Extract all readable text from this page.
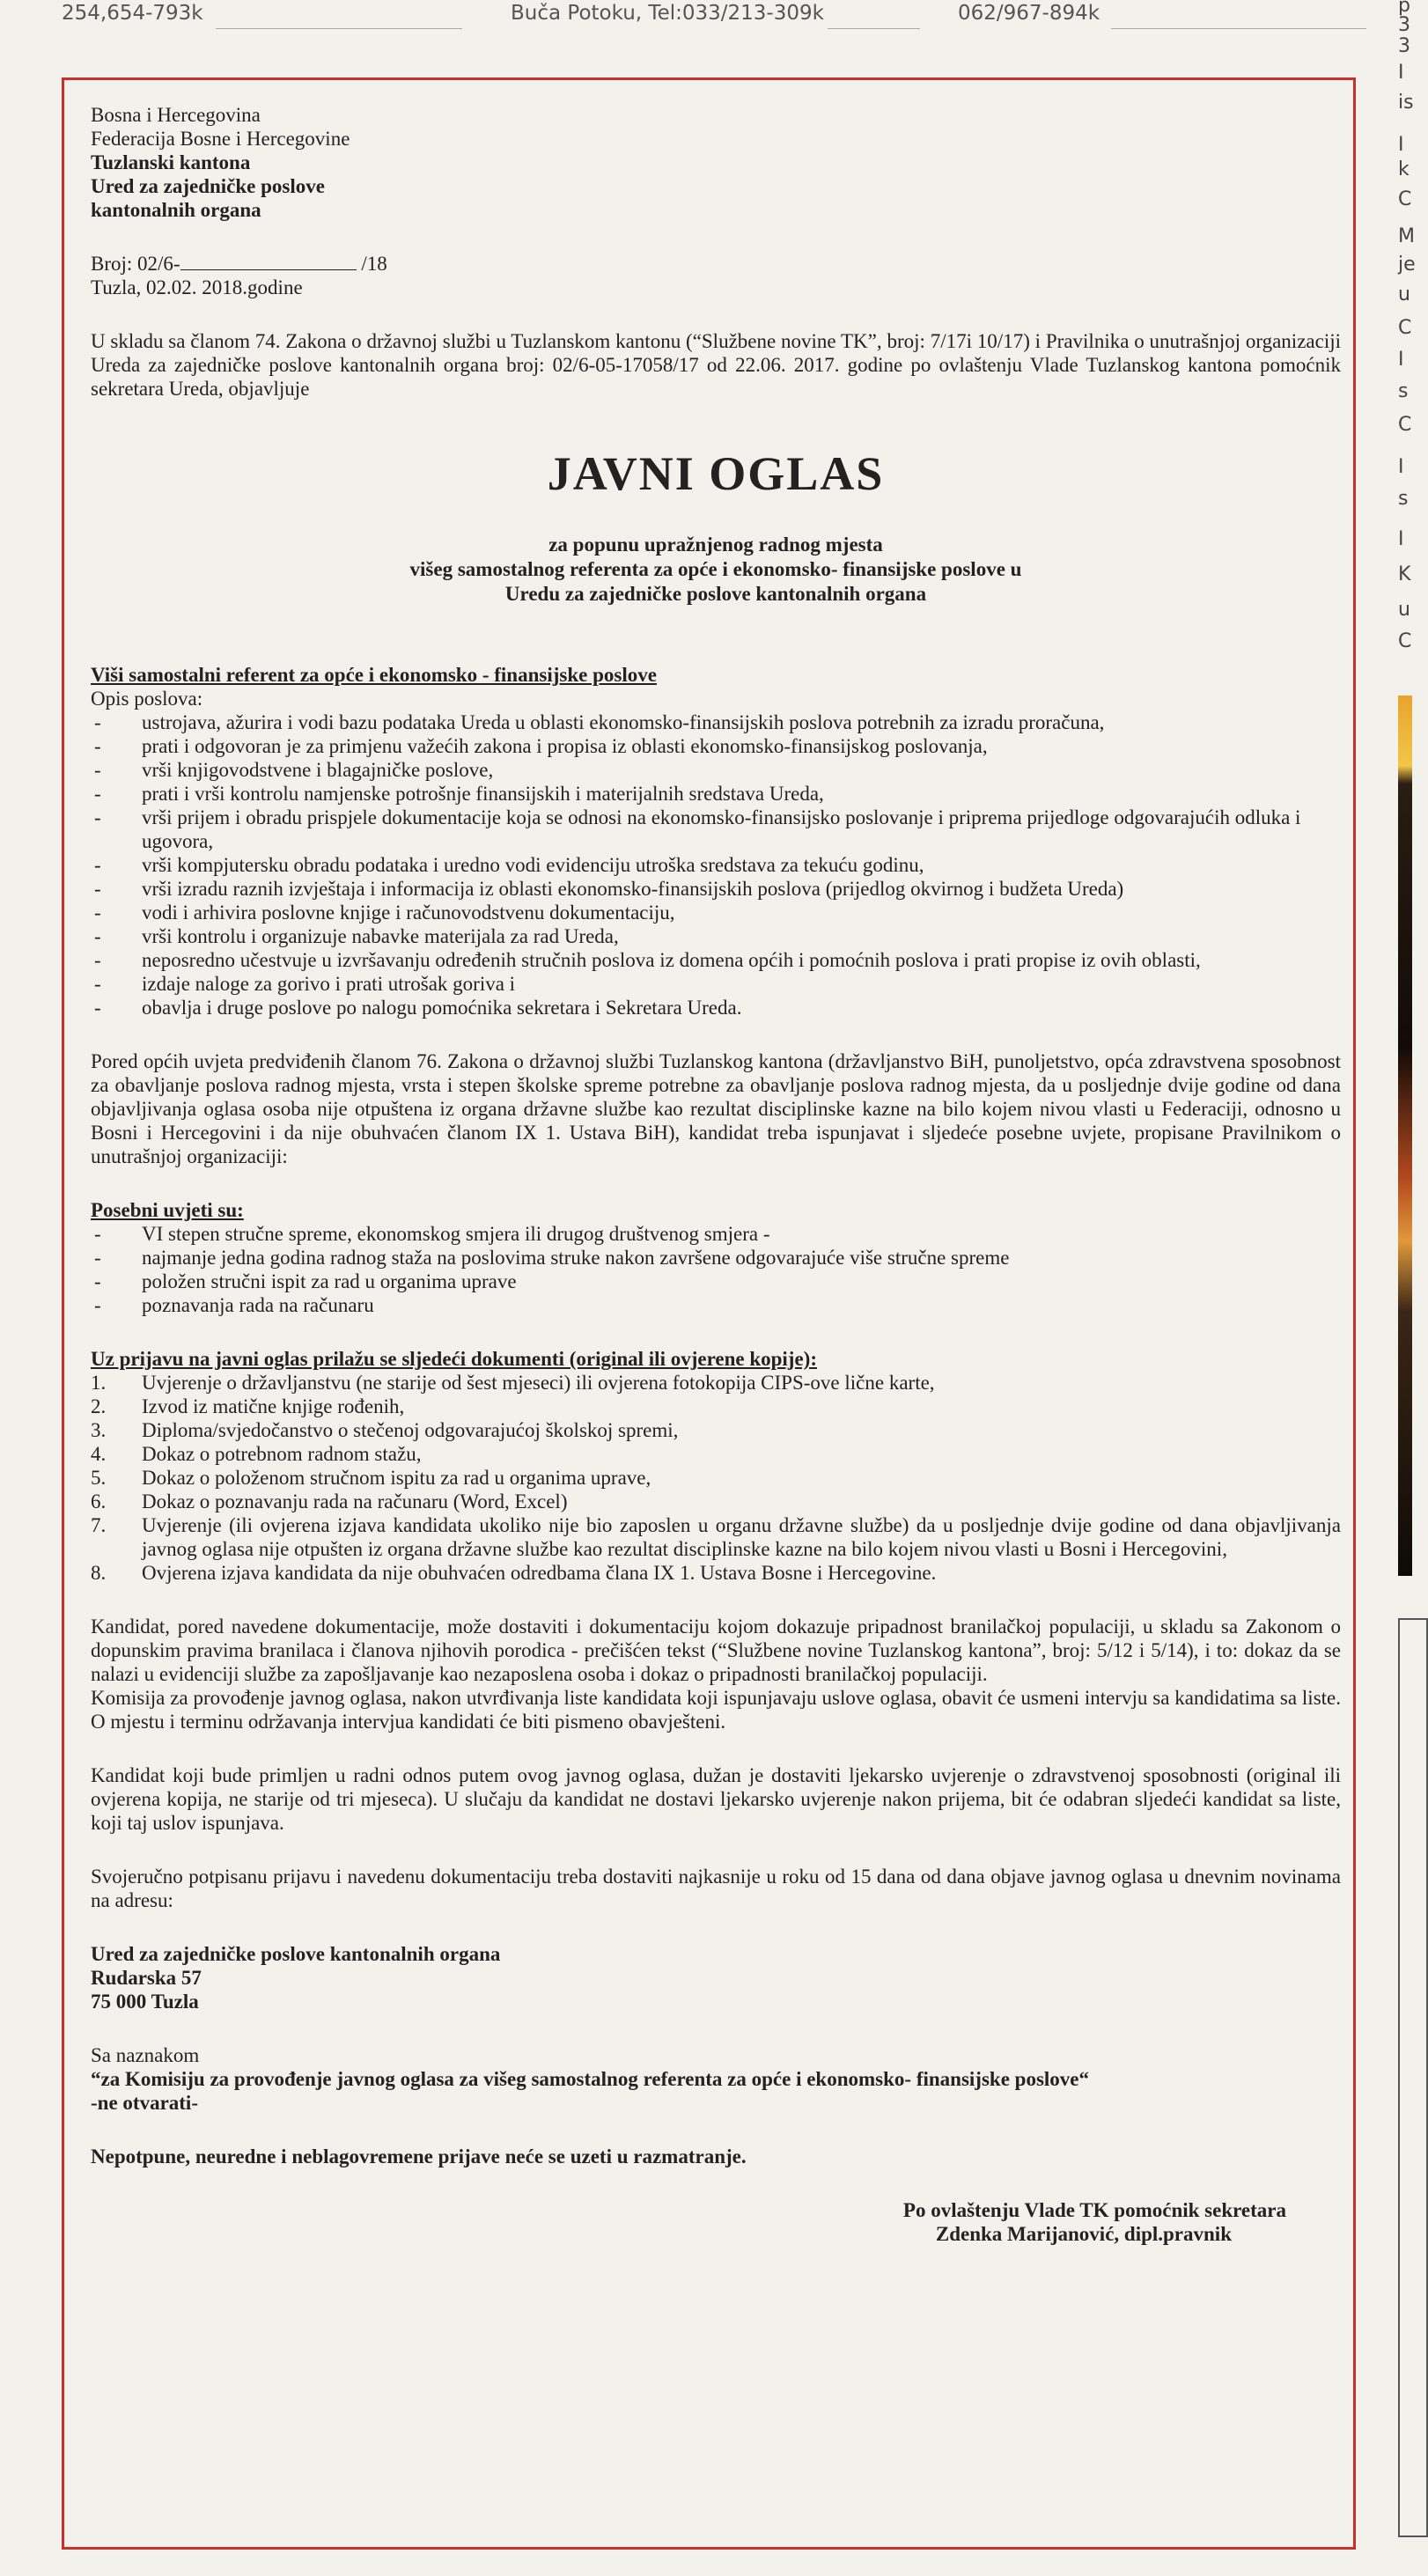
254,654-793k	Buča Potoku, Tel:033/213-309k	062/967-894k	p
3
3
I
is
I
k
C
M
je
u
C
I
s
C
I
s
I
K
u
C

Bosna i Hercegovina

Federacija Bosne i Hercegovine

Tuzlanski kantona

Ured za zajedničke poslove

kantonalnih organa

Broj: 02/6-	/18

Tuzla, 02.02. 2018.godine

U skladu sa članom 74. Zakona o državnoj službi u Tuzlanskom kantonu (“Službene novine TK”, broj: 7/17i 10/17) i Pravilnika o unutrašnjoj organizaciji Ureda za zajedničke poslove kantonalnih organa broj: 02/6-05-17058/17 od 22.06. 2017. godine po ovlaštenju Vlade Tuzlanskog kantona pomoćnik sekretara Ureda, objavljuje

JAVNI OGLAS

za popunu upražnjenog radnog mjesta

višeg samostalnog referenta za opće i ekonomsko- finansijske poslove u

Uredu za zajedničke poslove kantonalnih organa

Viši samostalni referent za opće i ekonomsko - finansijske poslove

Opis poslova:

- ustrojava, ažurira i vodi bazu podataka Ureda u oblasti ekonomsko-finansijskih poslova potrebnih za izradu proračuna,
- prati i odgovoran je za primjenu važećih zakona i propisa iz oblasti ekonomsko-finansijskog poslovanja,
- vrši knjigovodstvene i blagajničke poslove,
- prati i vrši kontrolu namjenske potrošnje finansijskih i materijalnih sredstava Ureda,
- vrši prijem i obradu prispjele dokumentacije koja se odnosi na ekonomsko-finansijsko poslovanje i priprema prijedloge odgovarajućih odluka i ugovora,
- vrši kompjutersku obradu podataka i uredno vodi evidenciju utroška sredstava za tekuću godinu,
- vrši izradu raznih izvještaja i informacija iz oblasti ekonomsko-finansijskih poslova (prijedlog okvirnog i budžeta Ureda)
- vodi i arhivira poslovne knjige i računovodstvenu dokumentaciju,
- vrši kontrolu i organizuje nabavke materijala za rad Ureda,
- neposredno učestvuje u izvršavanju određenih stručnih poslova iz domena općih i pomoćnih poslova i prati propise iz ovih oblasti,
- izdaje naloge za gorivo i prati utrošak goriva i
- obavlja i druge poslove po nalogu pomoćnika sekretara i Sekretara Ureda.

Pored općih uvjeta predviđenih članom 76. Zakona o državnoj službi Tuzlanskog kantona (državljanstvo BiH, punoljetstvo, opća zdravstvena sposobnost za obavljanje poslova radnog mjesta, vrsta i stepen školske spreme potrebne za obavljanje poslova radnog mjesta, da u posljednje dvije godine od dana objavljivanja oglasa osoba nije otpuštena iz organa državne službe kao rezultat disciplinske kazne na bilo kojem nivou vlasti u Federaciji, odnosno u Bosni i Hercegovini i da nije obuhvaćen članom IX 1. Ustava BiH), kandidat treba ispunjavat i sljedeće posebne uvjete, propisane Pravilnikom o unutrašnjoj organizaciji:

Posebni uvjeti su:

- VI stepen stručne spreme, ekonomskog smjera ili drugog društvenog smjera -
- najmanje jedna godina radnog staža na poslovima struke nakon završene odgovarajuće više stručne spreme
- položen stručni ispit za rad u organima uprave
- poznavanja rada na računaru

Uz prijavu na javni oglas prilažu se sljedeći dokumenti (original ili ovjerene kopije):

1. Uvjerenje o državljanstvu (ne starije od šest mjeseci) ili ovjerena fotokopija CIPS-ove lične karte,
2. Izvod iz matične knjige rođenih,
3. Diploma/svjedočanstvo o stečenoj odgovarajućoj školskoj spremi,
4. Dokaz o potrebnom radnom stažu,
5. Dokaz o položenom stručnom ispitu za rad u organima uprave,
6. Dokaz o poznavanju rada na računaru (Word, Excel)
7. Uvjerenje (ili ovjerena izjava kandidata ukoliko nije bio zaposlen u organu državne službe) da u posljednje dvije godine od dana objavljivanja javnog oglasa nije otpušten iz organa državne službe kao rezultat disciplinske kazne na bilo kojem nivou vlasti u Bosni i Hercegovini,
8. Ovjerena izjava kandidata da nije obuhvaćen odredbama člana IX 1. Ustava Bosne i Hercegovine.

Kandidat, pored navedene dokumentacije, može dostaviti i dokumentaciju kojom dokazuje pripadnost branilačkoj populaciji, u skladu sa Zakonom o dopunskim pravima branilaca i članova njihovih porodica - prečišćen tekst (“Službene novine Tuzlanskog kantona”, broj: 5/12 i 5/14), i to: dokaz da se nalazi u evidenciji službe za zapošljavanje kao nezaposlena osoba i dokaz o pripadnosti branilačkoj populaciji.

Komisija za provođenje javnog oglasa, nakon utvrđivanja liste kandidata koji ispunjavaju uslove oglasa, obavit će usmeni intervju sa kandidatima sa liste. O mjestu i terminu održavanja intervjua kandidati će biti pismeno obavješteni.

Kandidat koji bude primljen u radni odnos putem ovog javnog oglasa, dužan je dostaviti ljekarsko uvjerenje o zdravstvenoj sposobnosti (original ili ovjerena kopija, ne starije od tri mjeseca). U slučaju da kandidat ne dostavi ljekarsko uvjerenje nakon prijema, bit će odabran sljedeći kandidat sa liste, koji taj uslov ispunjava.

Svojeručno potpisanu prijavu i navedenu dokumentaciju treba dostaviti najkasnije u roku od 15 dana od dana objave javnog oglasa u dnevnim novinama na adresu:

Ured za zajedničke poslove kantonalnih organa

Rudarska 57

75 000 Tuzla

Sa naznakom

“za Komisiju za provođenje javnog oglasa za višeg samostalnog referenta za opće i ekonomsko- finansijske poslove“

-ne otvarati-

Nepotpune, neuredne i neblagovremene prijave neće se uzeti u razmatranje.

Po ovlaštenju Vlade TK pomoćnik sekretara
Zdenka Marijanović, dipl.pravnik
